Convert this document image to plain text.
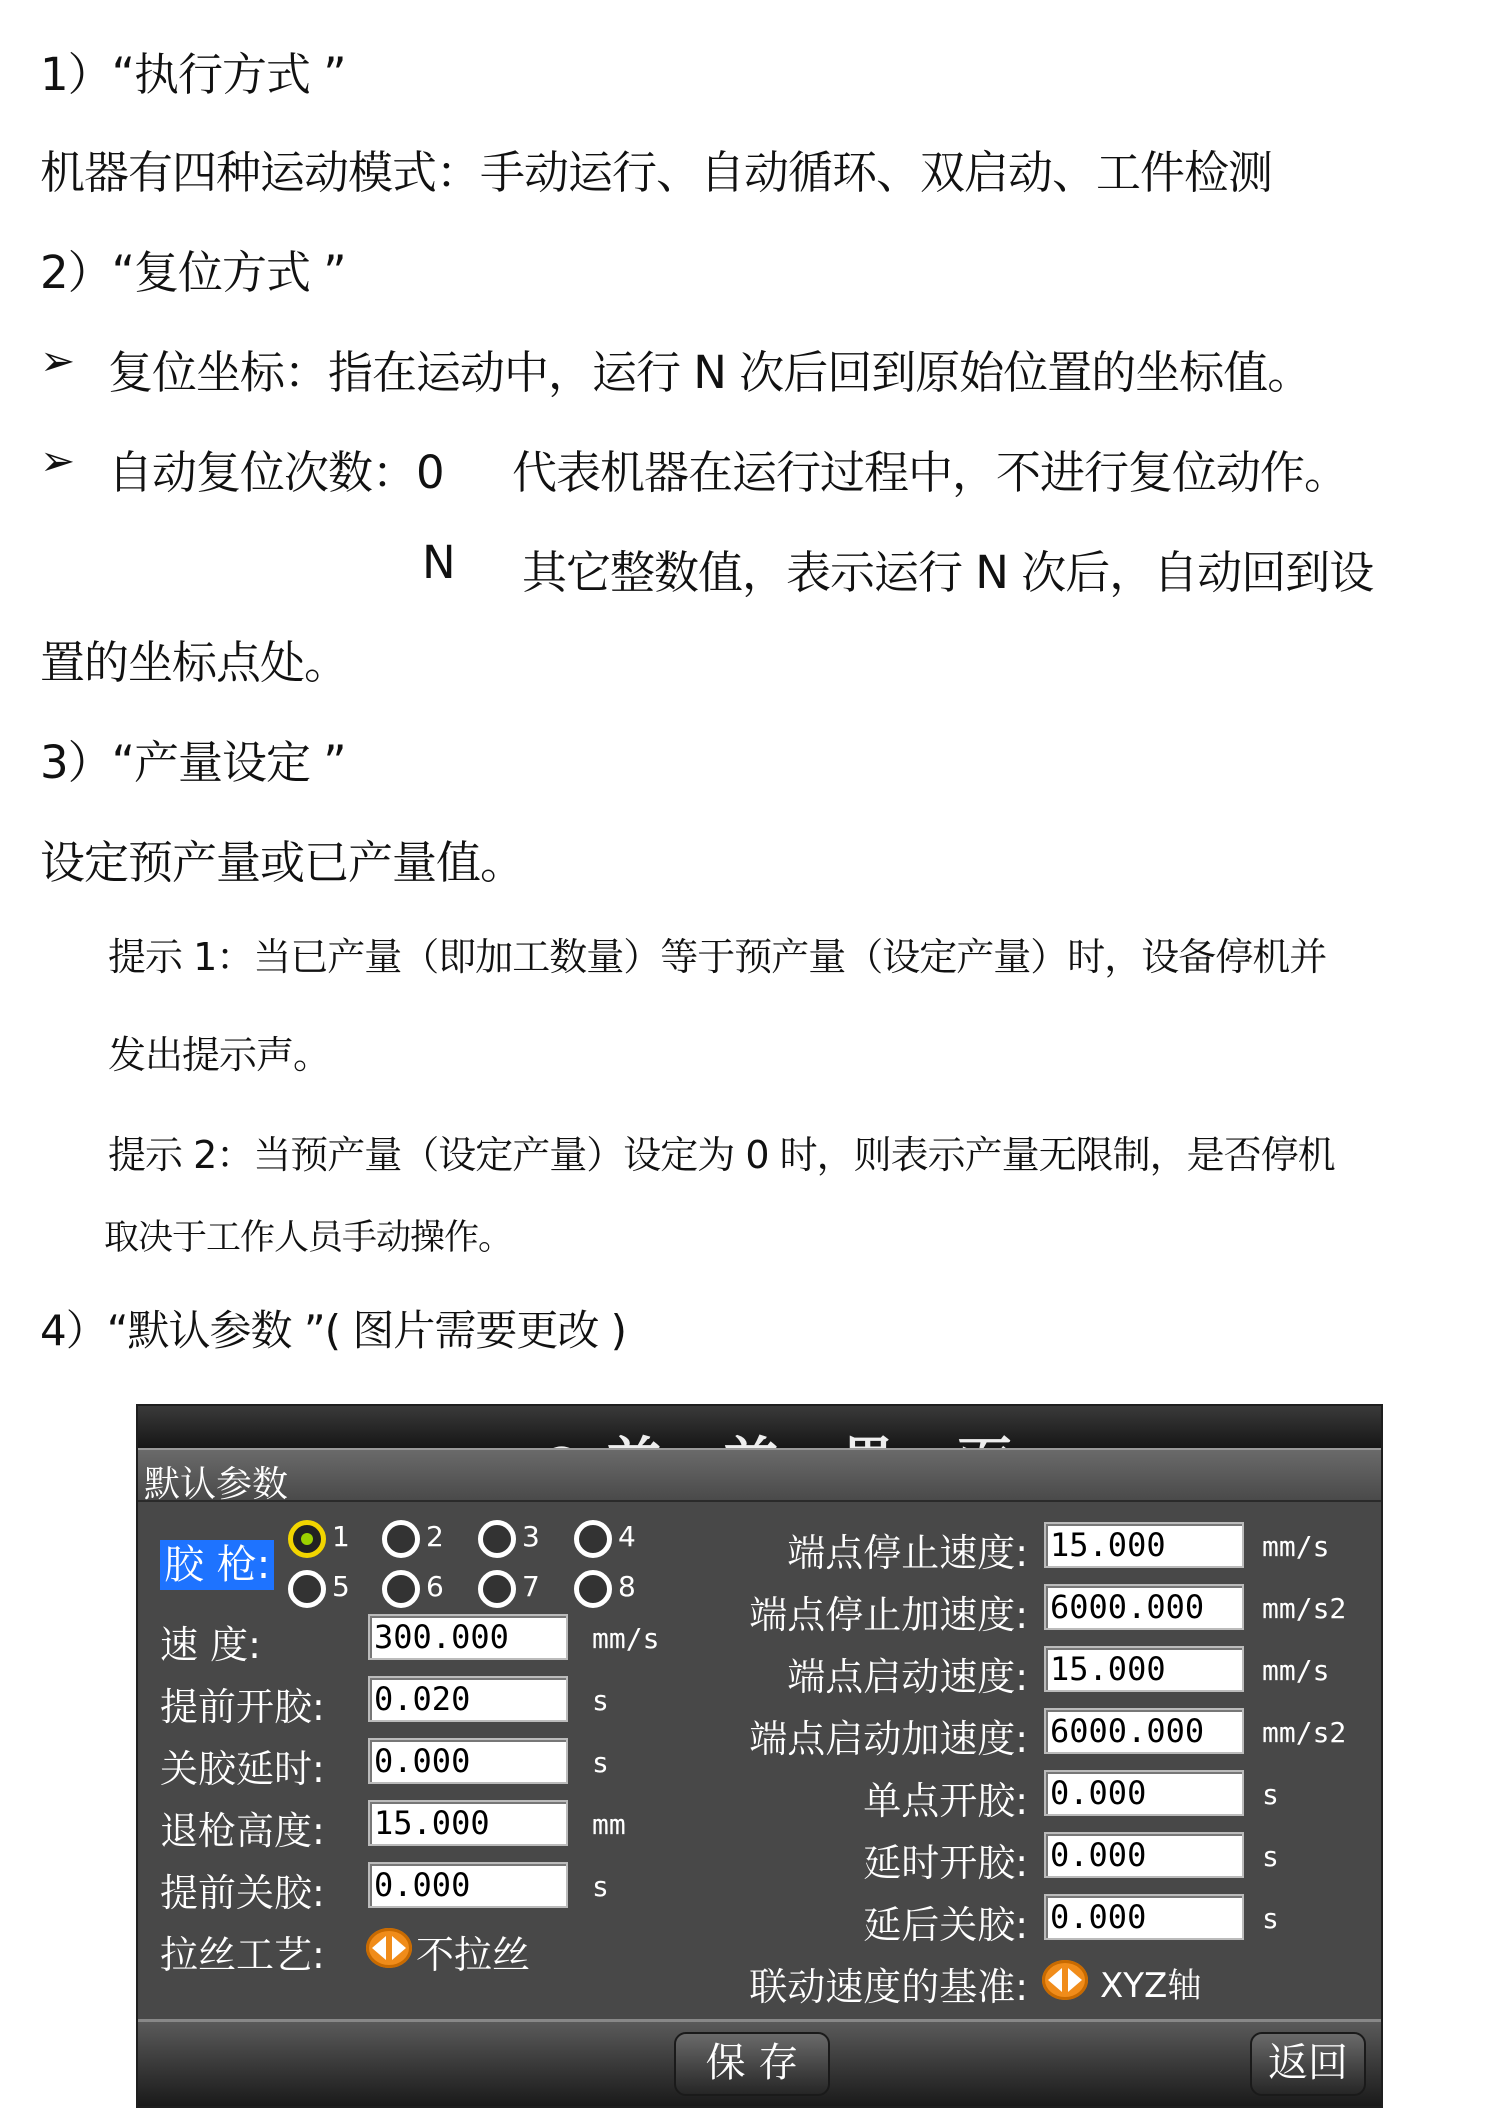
1）“执行方式 ”
机器有四种运动模式：手动运行、自动循环、双启动、工件检测
2）“复位方式 ”
➢ 复位坐标：指在运动中，运行 N 次后回到原始位置的坐标值。
➢ 自动复位次数：0 代表机器在运行过程中，不进行复位动作。
N 其它整数值，表示运行 N 次后，自动回到设
置的坐标点处。
3）“产量设定 ”
设定预产量或已产量值。
提示 1：当已产量（即加工数量）等于预产量（设定产量）时，设备停机并
发出提示声。
提示 2：当预产量（设定产量）设定为 0 时，则表示产量无限制，是否停机
取决于工作人员手动操作。
4）“默认参数 ”( 图片需要更改 )
默认参数
胶 枪:
1	2	3	4
5	6	7	8
速 度:	300.000	mm/s
提前开胶: 0.020	s
关胶延时: 0.000	s
退枪高度: 15.000	mm
提前关胶: 0.000	s
拉丝工艺: 不拉丝
端点停止速度: 15.000	mm/s
端点停止加速度: 6000.000	mm/s2
端点启动速度: 15.000	mm/s
端点启动加速度: 6000.000	mm/s2
单点开胶: 0.000	s
延时开胶: 0.000	s
延后关胶: 0.000	s
联动速度的基准: XYZ轴
保 存	返回
